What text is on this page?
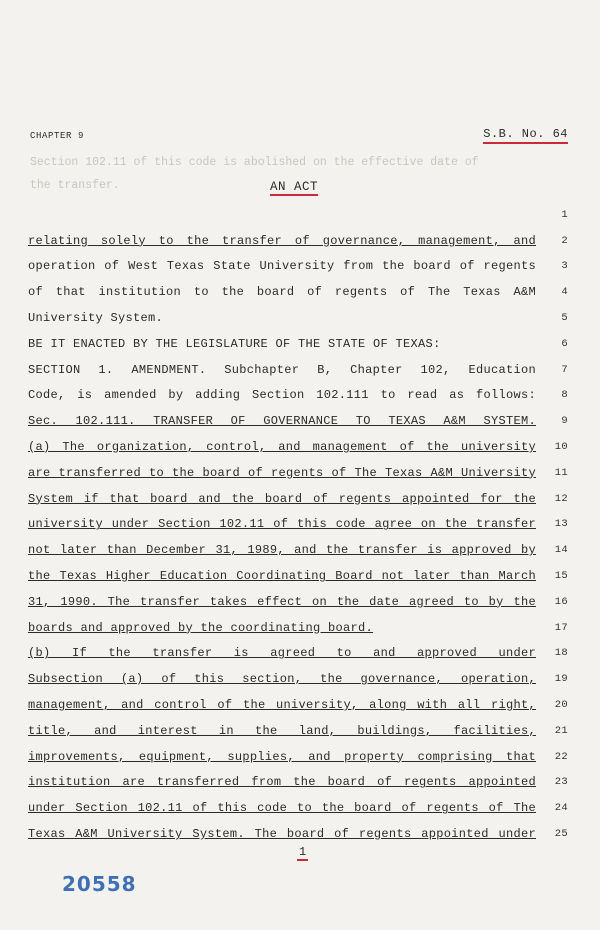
CHAPTER 9	S.B. No. 64
Section 102.11 of this code is abolished on the effective date of
the transfer.	AN ACT
1
relating solely to the transfer of governance, management, and	2
operation of West Texas State University from the board of regents	3
of that institution to the board of regents of The Texas A&M	4
University System.	5
BE IT ENACTED BY THE LEGISLATURE OF THE STATE OF TEXAS:	6
SECTION 1. AMENDMENT. Subchapter B, Chapter 102, Education	7
Code, is amended by adding Section 102.111 to read as follows:	8
Sec. 102.111. TRANSFER OF GOVERNANCE TO TEXAS A&M SYSTEM.	9
(a) The organization, control, and management of the university	10
are transferred to the board of regents of The Texas A&M University	11
System if that board and the board of regents appointed for the	12
university under Section 102.11 of this code agree on the transfer	13
not later than December 31, 1989, and the transfer is approved by	14
the Texas Higher Education Coordinating Board not later than March	15
31, 1990. The transfer takes effect on the date agreed to by the	16
boards and approved by the coordinating board.	17
(b) If the transfer is agreed to and approved under	18
Subsection (a) of this section, the governance, operation,	19
management, and control of the university, along with all right,	20
title, and interest in the land, buildings, facilities,	21
improvements, equipment, supplies, and property comprising that	22
institution are transferred from the board of regents appointed	23
under Section 102.11 of this code to the board of regents of The	24
Texas A&M University System. The board of regents appointed under	25
1
20558
